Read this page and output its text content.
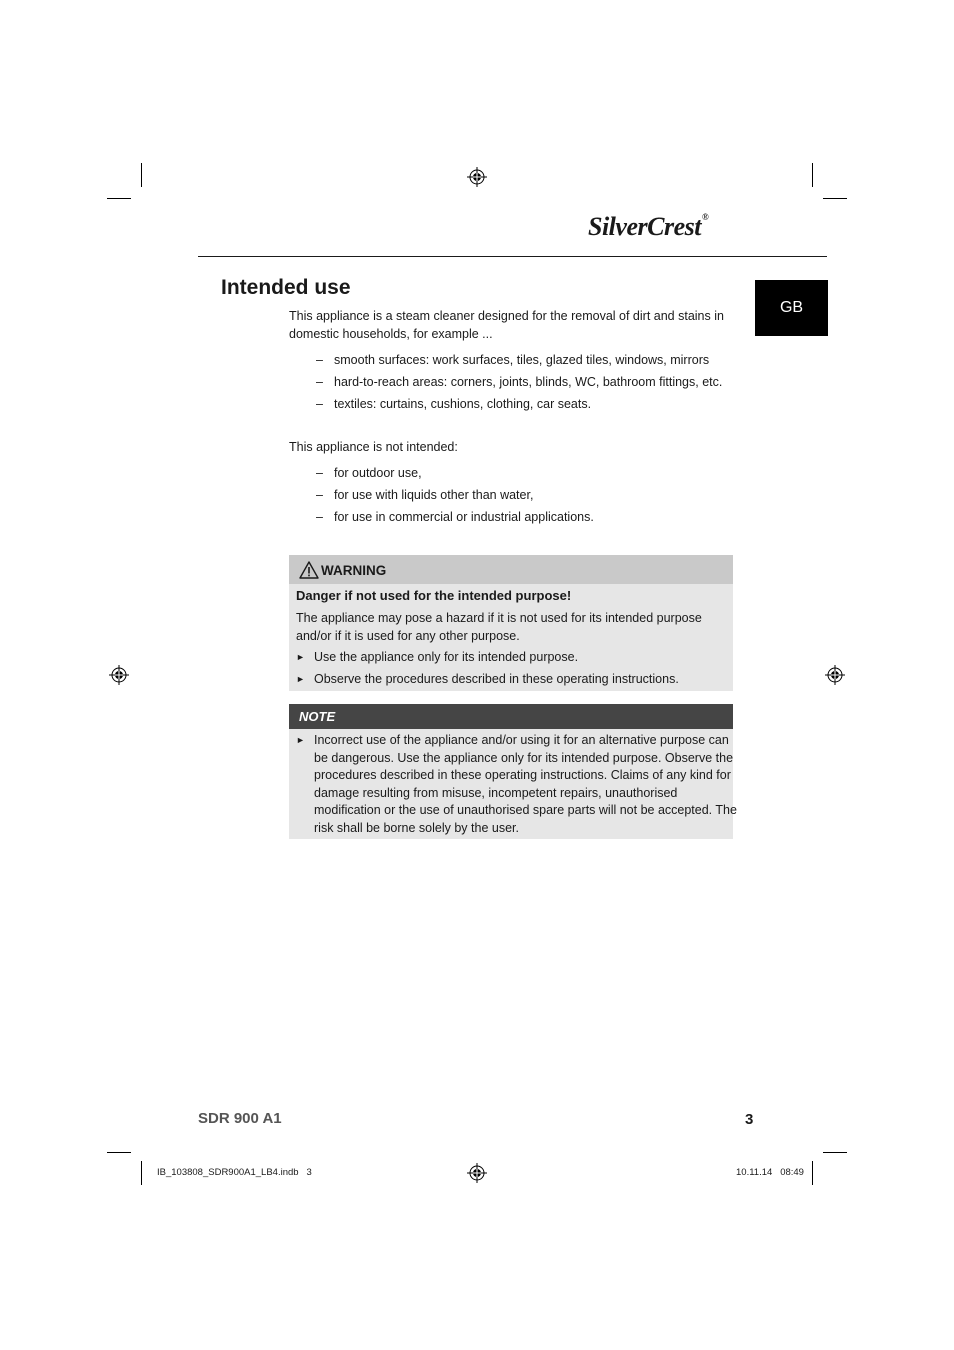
SilverCrest®
GB
Intended use
This appliance is a steam cleaner designed for the removal of dirt and stains in domestic households, for example ...
– smooth surfaces: work surfaces, tiles, glazed tiles, windows, mirrors
– hard-to-reach areas: corners, joints, blinds, WC, bathroom fittings, etc.
– textiles: curtains, cushions, clothing, car seats.
This appliance is not intended:
– for outdoor use,
– for use with liquids other than water,
– for use in commercial or industrial applications.
WARNING
Danger if not used for the intended purpose!
The appliance may pose a hazard if it is not used for its intended purpose and/or if it is used for any other purpose.
► Use the appliance only for its intended purpose.
► Observe the procedures described in these operating instructions.
NOTE
► Incorrect use of the appliance and/or using it for an alternative purpose can be dangerous. Use the appliance only for its intended purpose. Observe the procedures described in these operating instructions. Claims of any kind for damage resulting from misuse, incompetent repairs, unauthorised modification or the use of unauthorised spare parts will not be accepted. The risk shall be borne solely by the user.
SDR 900 A1	3
IB_103808_SDR900A1_LB4.indb   3	10.11.14   08:49
